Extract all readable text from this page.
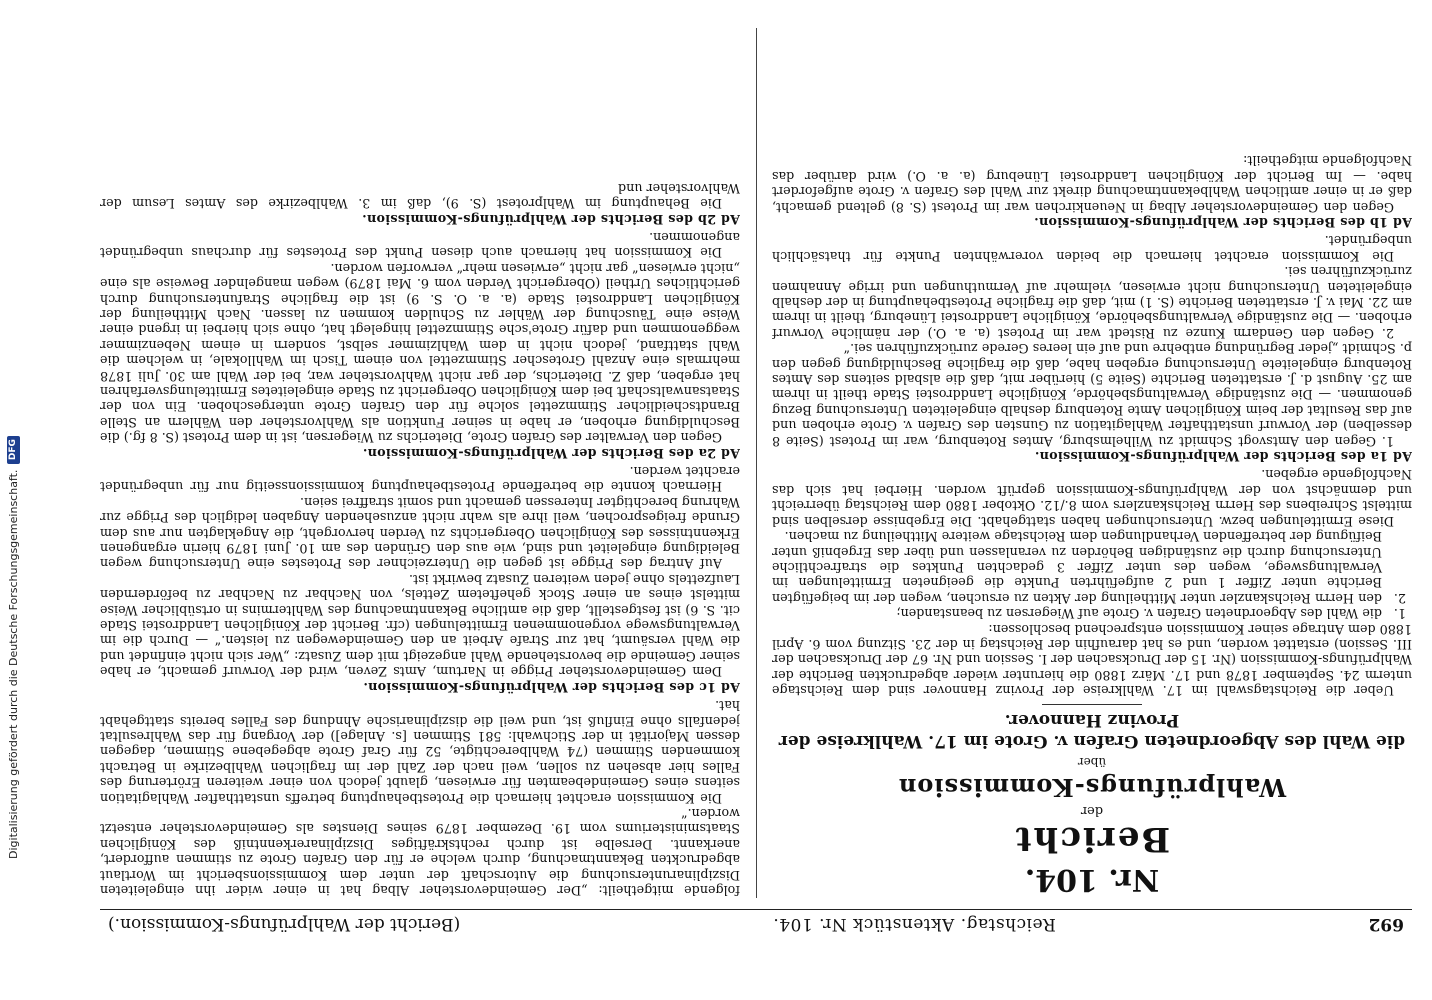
692
Reichstag. Aktenstück Nr. 104.
(Bericht der Wahlprüfungs-Kommission.)
Nr. 104.
Bericht
der
Wahlprüfungs-Kommission
über
die Wahl des Abgeordneten Grafen v. Grote im 17. Wahlkreise der Provinz Hannover.

Ueber die Reichstagswahl im 17. Wahlkreise der Provinz Hannover sind dem Reichstage unterm 24. September 1878 und 17. März 1880 die hierunter wieder abgedruckten Berichte der Wahlprüfungs-Kommission (Nr. 15 der Drucksachen der I. Session und Nr. 67 der Drucksachen der III. Session) erstattet worden, und es hat daraufhin der Reichstag in der 23. Sitzung vom 6. April 1880 dem Antrage seiner Kommission entsprechend beschlossen:

1.
die Wahl des Abgeordneten Grafen v. Grote auf Wiegersen zu beanstanden;

2.
den Herrn Reichskanzler unter Mittheilung der Akten zu ersuchen, wegen der im beigefügten Berichte unter Ziffer 1 und 2 aufgeführten Punkte die geeigneten Ermittelungen im Verwaltungswege, wegen des unter Ziffer 3 gedachten Punktes die strafrechtliche Untersuchung durch die zuständigen Behörden zu veranlassen und über das Ergebniß unter Beifügung der betreffenden Verhandlungen dem Reichstage weitere Mittheilung zu machen.

Diese Ermittelungen bezw. Untersuchungen haben stattgehabt. Die Ergebnisse derselben sind mittelst Schreibens des Herrn Reichskanzlers vom 8./12. Oktober 1880 dem Reichstag überreicht und demnächst von der Wahlprüfungs-Kommission geprüft worden. Hierbei hat sich das Nachfolgende ergeben.

Ad 1a des Berichts der Wahlprüfungs-Kommission.

1. Gegen den Amtsvogt Schmidt zu Wilhelmsburg, Amtes Rotenburg, war im Protest (Seite 8 desselben) der Vorwurf unstatthafter Wahlagitation zu Gunsten des Grafen v. Grote erhoben und auf das Resultat der beim Königlichen Amte Rotenburg deshalb eingeleiteten Untersuchung Bezug genommen. — Die zuständige Verwaltungsbehörde, Königliche Landdrostei Stade theilt in ihrem am 25. August d. J. erstatteten Berichte (Seite 5) hierüber mit, daß die alsbald seitens des Amtes Rotenburg eingeleitete Untersuchung ergeben habe, daß die fragliche Beschuldigung gegen den p. Schmidt „jeder Begründung entbehre und auf ein leeres Gerede zurückzuführen sei.“

2. Gegen den Gendarm Kunze zu Ristedt war im Protest (a. a. O.) der nämliche Vorwurf erhoben. — Die zuständige Verwaltungsbehörde, Königliche Landdrostei Lüneburg, theilt in ihrem am 22. Mai v. J. erstatteten Berichte (S. 1) mit, daß die fragliche Protestbehauptung in der deshalb eingeleiteten Untersuchung nicht erwiesen, vielmehr auf Vermuthungen und irrige Annahmen zurückzuführen sei.

Die Kommission erachtet hiernach die beiden vorerwähnten Punkte für thatsächlich unbegründet.

Ad 1b des Berichts der Wahlprüfungs-Kommission.

Gegen den Gemeindevorsteher Albag in Neuenkirchen war im Protest (S. 8) geltend gemacht, daß er in einer amtlichen Wahlbekanntmachung direkt zur Wahl des Grafen v. Grote aufgefordert habe. — Im Bericht der Königlichen Landdrostei Lüneburg (a. a. O.) wird darüber das Nachfolgende mitgetheilt:

folgende mitgetheilt: „Der Gemeindevorsteher Albag hat in einer wider ihn eingeleiteten Disziplinaruntersuchung die Autorschaft der unter dem Kommissionsbericht im Wortlaut abgedruckten Bekanntmachung, durch welche er für den Grafen Grote zu stimmen auffordert, anerkannt. Derselbe ist durch rechtskräftiges Disziplinarerkenntniß des Königlichen Staatsministeriums vom 19. Dezember 1879 seines Dienstes als Gemeindevorsteher entsetzt worden.“

Die Kommission erachtet hiernach die Protestbehauptung betreffs unstatthafter Wahlagitation seitens eines Gemeindebeamten für erwiesen, glaubt jedoch von einer weiteren Erörterung des Falles hier absehen zu sollen, weil nach der Zahl der im fraglichen Wahlbezirke in Betracht kommenden Stimmen (74 Wahlberechtigte, 52 für Graf Grote abgegebene Stimmen, dagegen dessen Majorität in der Stichwahl: 581 Stimmen [s. Anlage]) der Vorgang für das Wahlresultat jedenfalls ohne Einfluß ist, und weil die disziplinarische Ahndung des Falles bereits stattgehabt hat.

Ad 1c des Berichts der Wahlprüfungs-Kommission.

Dem Gemeindevorsteher Prigge in Nartum, Amts Zeven, wird der Vorwurf gemacht, er habe seiner Gemeinde die bevorstehende Wahl angezeigt mit dem Zusatz: „Wer sich nicht einfindet und die Wahl versäumt, hat zur Strafe Arbeit an den Gemeindewegen zu leisten.“ — Durch die im Verwaltungswege vorgenommenen Ermittelungen (cfr. Bericht der Königlichen Landdrostei Stade cit. S. 6) ist festgestellt, daß die amtliche Bekanntmachung des Wahltermins in ortsüblicher Weise mittelst eines an einer Stock geheftetem Zettels, von Nachbar zu Nachbar zu befördernden Laufzettels ohne jeden weiteren Zusatz bewirkt ist.

Auf Antrag des Prigge ist gegen die Unterzeichner des Protestes eine Untersuchung wegen Beleidigung eingeleitet und sind, wie aus den Gründen des am 10. Juni 1879 hierin ergangenen Erkenntnisses des Königlichen Obergerichts zu Verden hervorgeht, die Angeklagten nur aus dem Grunde freigesprochen, weil ihre als wahr nicht anzusehenden Angaben lediglich des Prigge zur Wahrung berechtigter Interessen gemacht und somit straffrei seien.

Hiernach konnte die betreffende Protestbehauptung kommissionsseitig nur für unbegründet erachtet werden.

Ad 2a des Berichts der Wahlprüfungs-Kommission.

Gegen den Verwalter des Grafen Grote, Dieterichs zu Wiegersen, ist in dem Protest (S. 8 fg.) die Beschuldigung erhoben, er habe in seiner Funktion als Wahlvorsteher den Wählern an Stelle Brandtscheidlicher Stimmzettel solche für den Grafen Grote untergeschoben. Ein von der Staatsanwaltschaft bei dem Königlichen Obergericht zu Stade eingeleitetes Ermittelungsverfahren hat ergeben, daß Z. Dieterichs, der gar nicht Wahlvorsteher war, bei der Wahl am 30. Juli 1878 mehrmals eine Anzahl Grotescher Stimmzettel von einem Tisch im Wahllokale, in welchem die Wahl stattfand, jedoch nicht in dem Wahlzimmer selbst, sondern in einem Nebenzimmer weggenommen und dafür Grote'sche Stimmzettel hingelegt hat, ohne sich hierbei in irgend einer Weise eine Täuschung der Wähler zu Schulden kommen zu lassen. Nach Mittheilung der Königlichen Landdrostei Stade (a. a. O. S. 9) ist die fragliche Strafuntersuchung durch gerichtliches Urtheil (Obergericht Verden vom 6. Mai 1879) wegen mangelnder Beweise als eine „nicht erwiesen“ gar nicht „erwiesen mehr“ verworfen worden.

Die Kommission hat hiernach auch diesen Punkt des Protestes für durchaus unbegründet angenommen.

Ad 2b des Berichts der Wahlprüfungs-Kommission.

Die Behauptung im Wahlprotest (S. 9), daß im 3. Wahlbezirke des Amtes Lesum der Wahlvorsteher und

Digitalisierung gefördert durch die Deutsche Forschungsgemeinschaft.
DFG
